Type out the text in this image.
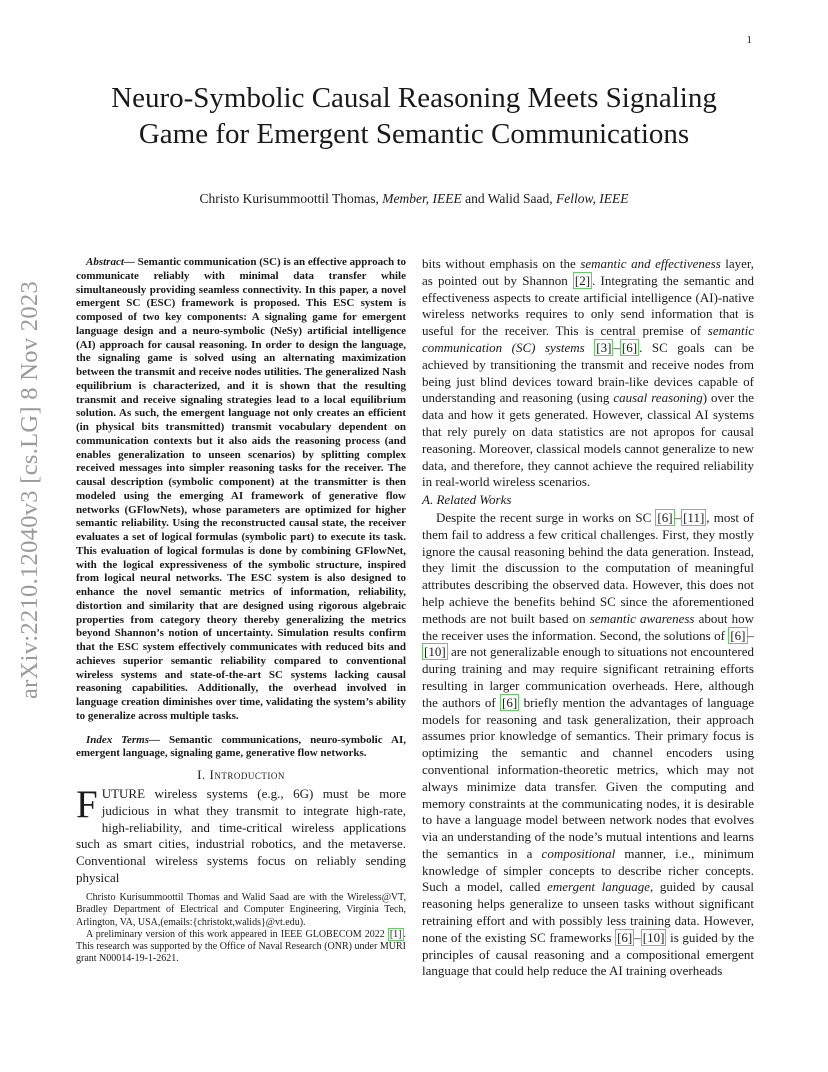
1
arXiv:2210.12040v3 [cs.LG] 8 Nov 2023
Neuro-Symbolic Causal Reasoning Meets Signaling Game for Emergent Semantic Communications
Christo Kurisummoottil Thomas, Member, IEEE and Walid Saad, Fellow, IEEE

Abstract— Semantic communication (SC) is an effective approach to communicate reliably with minimal data transfer while simultaneously providing seamless connectivity. In this paper, a novel emergent SC (ESC) framework is proposed. This ESC system is composed of two key components: A signaling game for emergent language design and a neuro-symbolic (NeSy) artificial intelligence (AI) approach for causal reasoning. In order to design the language, the signaling game is solved using an alternating maximization between the transmit and receive nodes utilities. The generalized Nash equilibrium is characterized, and it is shown that the resulting transmit and receive signaling strategies lead to a local equilibrium solution. As such, the emergent language not only creates an efficient (in physical bits transmitted) transmit vocabulary dependent on communication contexts but it also aids the reasoning process (and enables generalization to unseen scenarios) by splitting complex received messages into simpler reasoning tasks for the receiver. The causal description (symbolic component) at the transmitter is then modeled using the emerging AI framework of generative flow networks (GFlowNets), whose parameters are optimized for higher semantic reliability. Using the reconstructed causal state, the receiver evaluates a set of logical formulas (symbolic part) to execute its task. This evaluation of logical formulas is done by combining GFlowNet, with the logical expressiveness of the symbolic structure, inspired from logical neural networks. The ESC system is also designed to enhance the novel semantic metrics of information, reliability, distortion and similarity that are designed using rigorous algebraic properties from category theory thereby generalizing the metrics beyond Shannon’s notion of uncertainty. Simulation results confirm that the ESC system effectively communicates with reduced bits and achieves superior semantic reliability compared to conventional wireless systems and state-of-the-art SC systems lacking causal reasoning capabilities. Additionally, the overhead involved in language creation diminishes over time, validating the system’s ability to generalize across multiple tasks.

Index Terms— Semantic communications, neuro-symbolic AI, emergent language, signaling game, generative flow networks.

I. Introduction

FUTURE wireless systems (e.g., 6G) must be more judicious in what they transmit to integrate high-rate, high-reliability, and time-critical wireless applications such as smart cities, industrial robotics, and the metaverse. Conventional wireless systems focus on reliably sending physical

Christo Kurisummoottil Thomas and Walid Saad are with the Wireless@VT, Bradley Department of Electrical and Computer Engineering, Virginia Tech, Arlington, VA, USA,(emails:{christokt,walids}@vt.edu).

A preliminary version of this work appeared in IEEE GLOBECOM 2022 [1] . This research was supported by the Office of Naval Research (ONR) under MURI grant N00014-19-1-2621.

bits without emphasis on the semantic and effectiveness layer, as pointed out by Shannon [2] . Integrating the semantic and effectiveness aspects to create artificial intelligence (AI)-native wireless networks requires to only send information that is useful for the receiver. This is central premise of semantic communication (SC) systems [3] – [6] . SC goals can be achieved by transitioning the transmit and receive nodes from being just blind devices toward brain-like devices capable of understanding and reasoning (using causal reasoning) over the data and how it gets generated. However, classical AI systems that rely purely on data statistics are not apropos for causal reasoning. Moreover, classical models cannot generalize to new data, and therefore, they cannot achieve the required reliability in real-world wireless scenarios.

A. Related Works

Despite the recent surge in works on SC [6] – [11] , most of them fail to address a few critical challenges. First, they mostly ignore the causal reasoning behind the data generation. Instead, they limit the discussion to the computation of meaningful attributes describing the observed data. However, this does not help achieve the benefits behind SC since the aforementioned methods are not built based on semantic awareness about how the receiver uses the information. Second, the solutions of [6] –[10] are not generalizable enough to situations not encountered during training and may require significant retraining efforts resulting in larger communication overheads. Here, although the authors of [6] briefly mention the advantages of language models for reasoning and task generalization, their approach assumes prior knowledge of semantics. Their primary focus is optimizing the semantic and channel encoders using conventional information-theoretic metrics, which may not always minimize data transfer. Given the computing and memory constraints at the communicating nodes, it is desirable to have a language model between network nodes that evolves via an understanding of the node’s mutual intentions and learns the semantics in a compositional manner, i.e., minimum knowledge of simpler concepts to describe richer concepts. Such a model, called emergent language, guided by causal reasoning helps generalize to unseen tasks without significant retraining effort and with possibly less training data. However, none of the existing SC frameworks [6] – [10] is guided by the principles of causal reasoning and a compositional emergent language that could help reduce the AI training overheads
